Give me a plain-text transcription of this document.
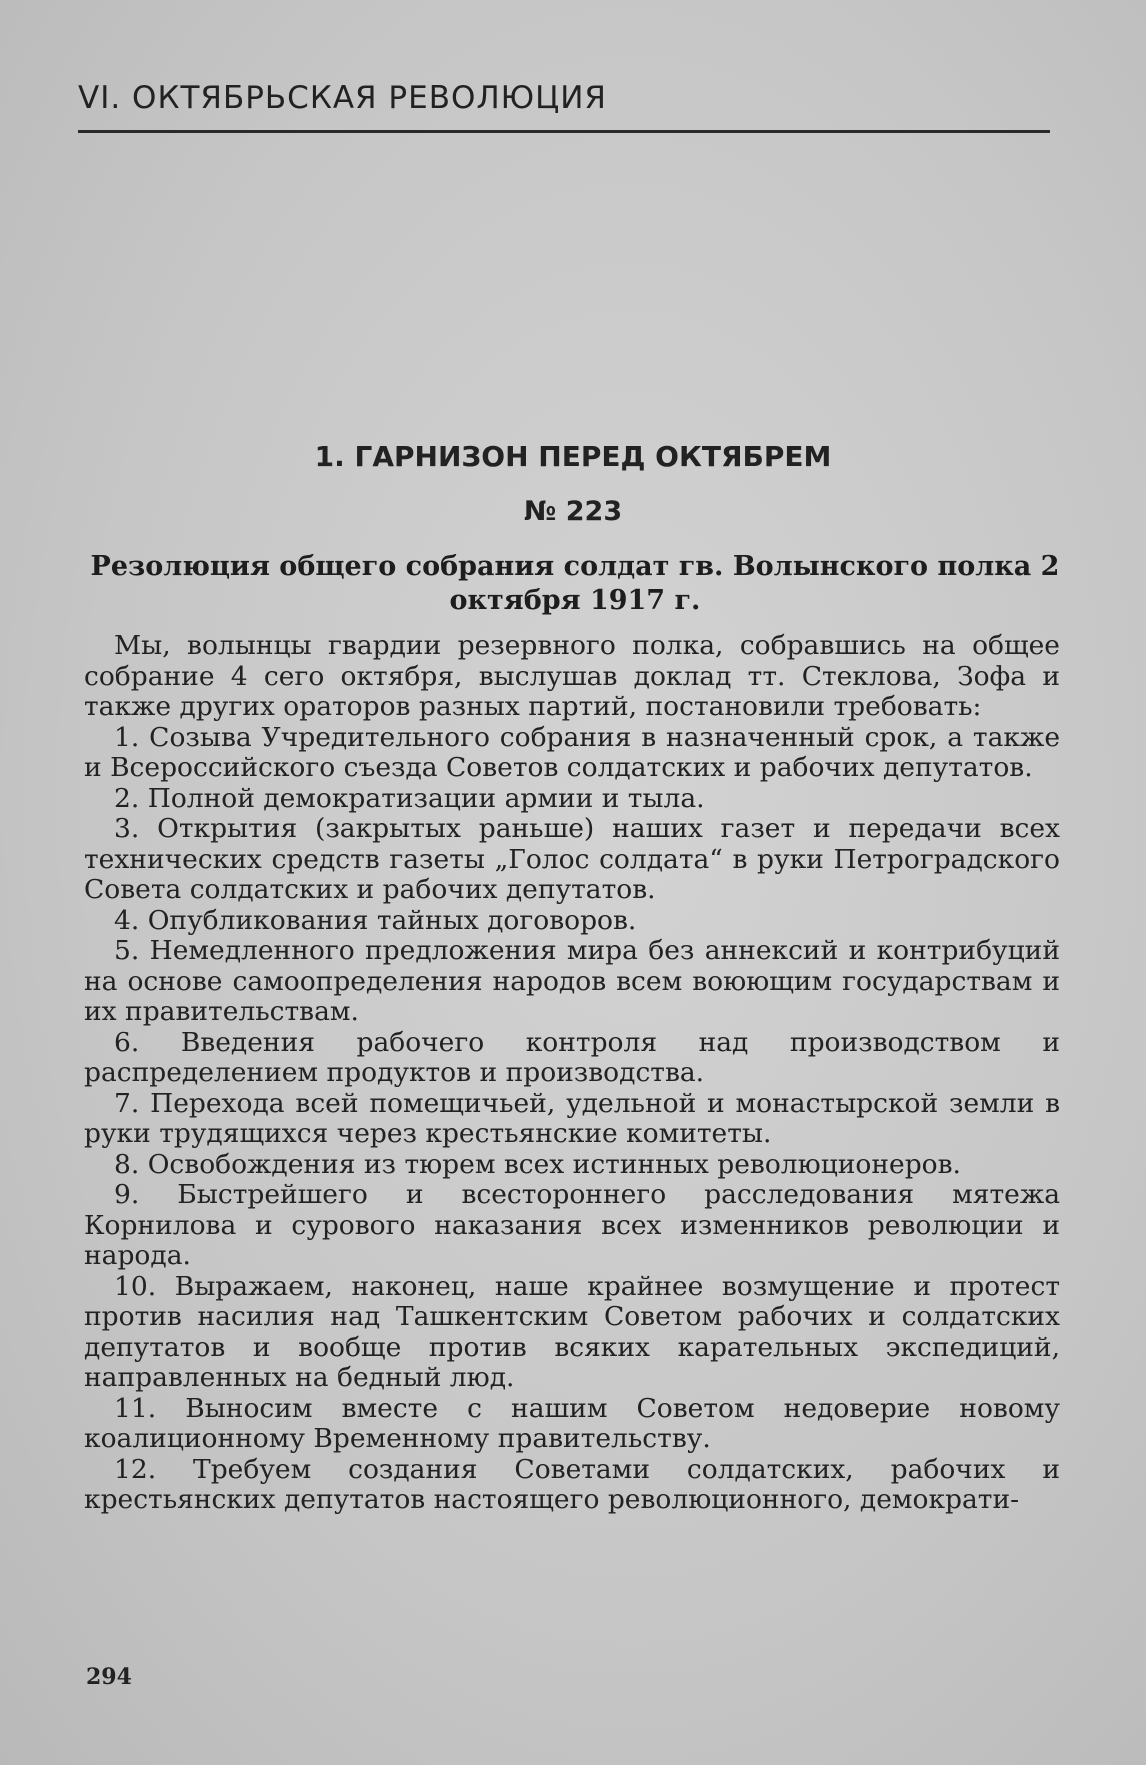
VI. ОКТЯБРЬСКАЯ РЕВОЛЮЦИЯ
1. ГАРНИЗОН ПЕРЕД ОКТЯБРЕМ
№ 223
Резолюция общего собрания солдат гв. Волынского полка 2 октября 1917 г.

Мы, волынцы гвардии резервного полка, собравшись на общее собрание 4 сего октября, выслушав доклад тт. Стеклова, Зофа и также других ораторов разных партий, постановили требовать:

1. Созыва Учредительного собрания в назначенный срок, а также и Всероссийского съезда Советов солдатских и рабочих депутатов.

2. Полной демократизации армии и тыла.

3. Открытия (закрытых раньше) наших газет и передачи всех технических средств газеты „Голос солдата“ в руки Петроградского Совета солдатских и рабочих депутатов.

4. Опубликования тайных договоров.

5. Немедленного предложения мира без аннексий и контрибуций на основе самоопределения народов всем воюющим государствам и их правительствам.

6. Введения рабочего контроля над производством и распределением продуктов и производства.

7. Перехода всей помещичьей, удельной и монастырской земли в руки трудящихся через крестьянские комитеты.

8. Освобождения из тюрем всех истинных революционеров.

9. Быстрейшего и всестороннего расследования мятежа Корнилова и сурового наказания всех изменников революции и народа.

10. Выражаем, наконец, наше крайнее возмущение и протест против насилия над Ташкентским Советом рабочих и солдатских депутатов и вообще против всяких карательных экспедиций, направленных на бедный люд.

11. Выносим вместе с нашим Советом недоверие новому коалиционному Временному правительству.

12. Требуем создания Советами солдатских, рабочих и крестьянских депутатов настоящего революционного, демократи-

294
